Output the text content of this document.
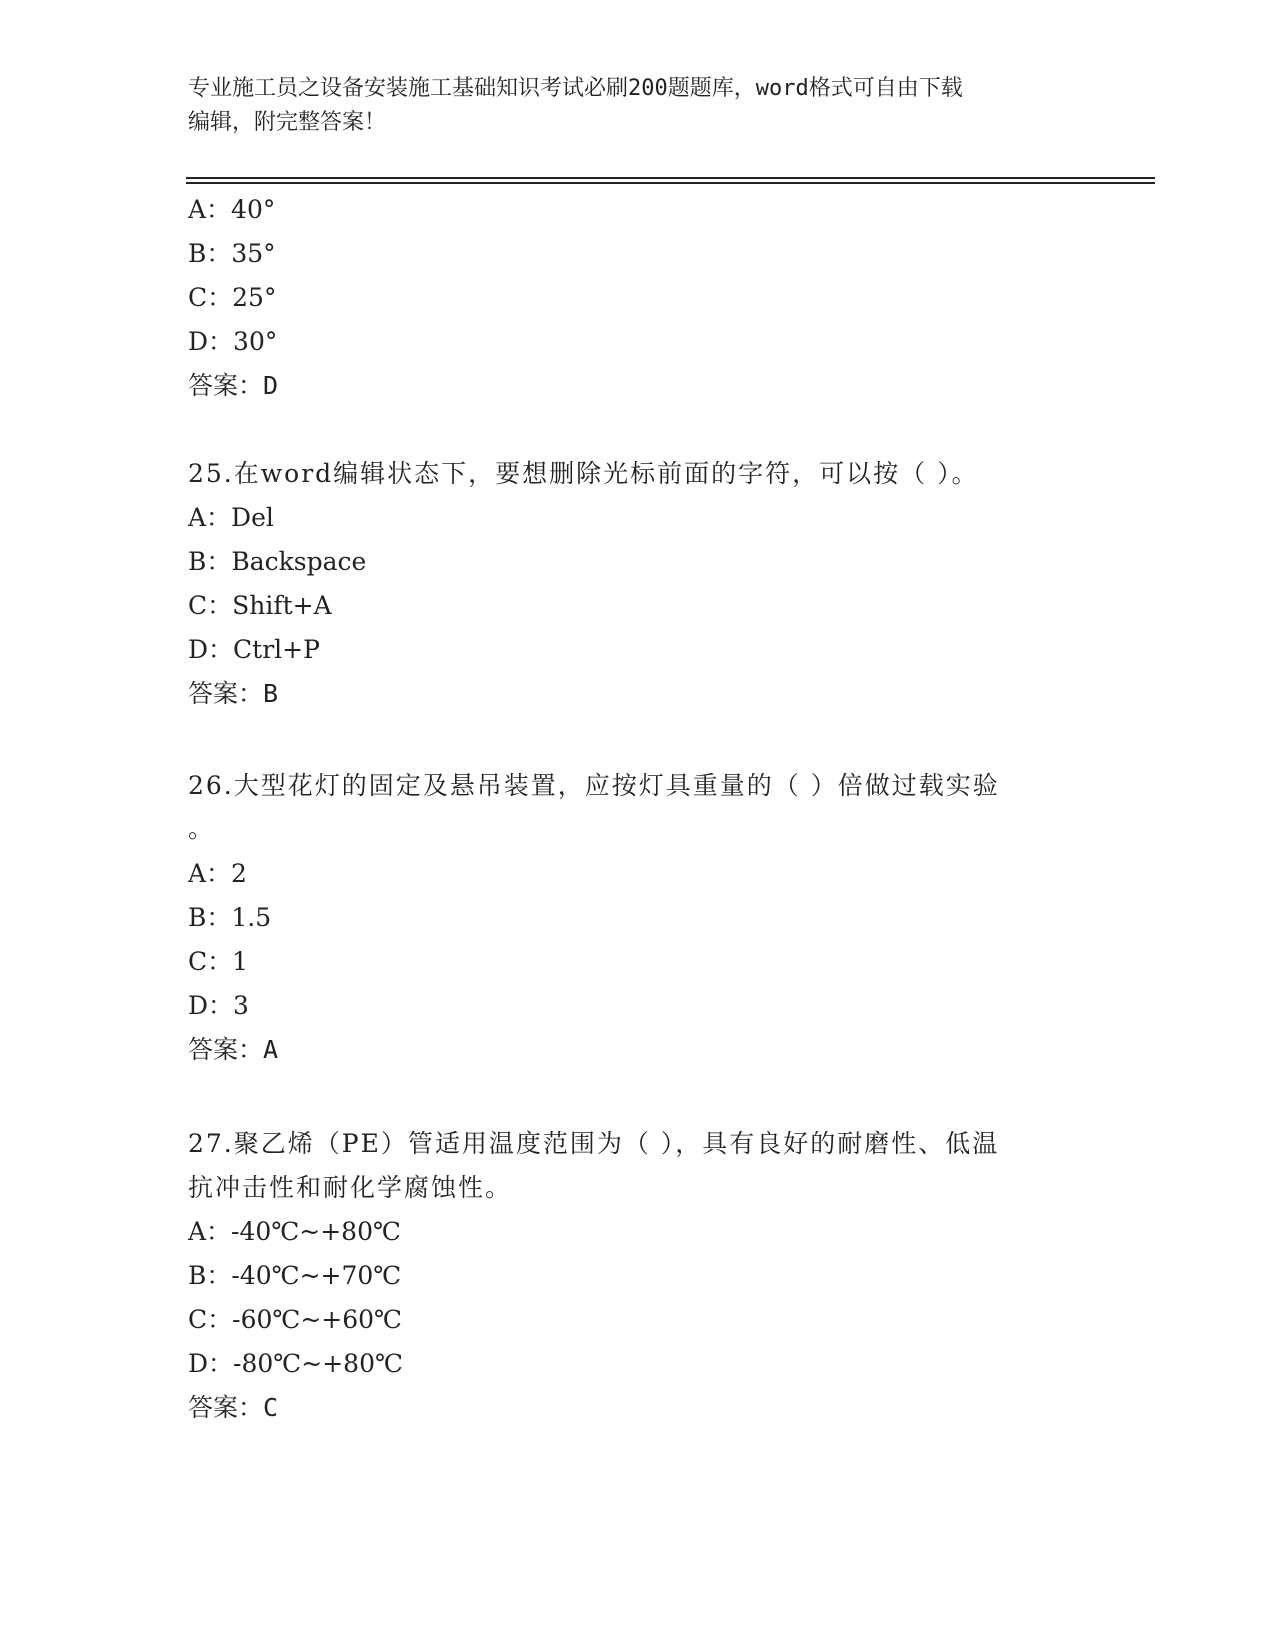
专业施工员之设备安装施工基础知识考试必刷200题题库，word格式可自由下载
编辑，附完整答案！
A：40°
B：35°
C：25°
D：30°
答案：D
25.在word编辑状态下，要想删除光标前面的字符，可以按（ ）。
A：Del
B：Backspace
C：Shift+A
D：Ctrl+P
答案：B
26.大型花灯的固定及悬吊装置，应按灯具重量的（ ）倍做过载实验
。
A：2
B：1.5
C：1
D：3
答案：A
27.聚乙烯（PE）管适用温度范围为（ ），具有良好的耐磨性、低温
抗冲击性和耐化学腐蚀性。
A：-40℃~+80℃
B：-40℃~+70℃
C：-60℃~+60℃
D：-80℃~+80℃
答案：C
